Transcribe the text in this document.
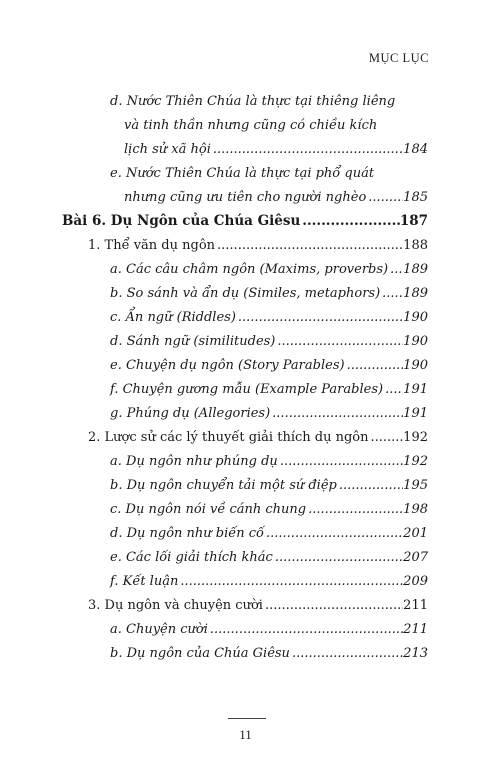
MỤC LỤC
d. Nước Thiên Chúa là thực tại thiêng liêng
và tinh thần nhưng cũng có chiều kích
lịch sử xã hội .....	184
e. Nước Thiên Chúa là thực tại phổ quát
nhưng cũng ưu tiên cho người nghèo .....	185
Bài 6. Dụ Ngôn của Chúa Giêsu .....	187
1. Thể văn dụ ngôn .....	188
a. Các câu châm ngôn (Maxims, proverbs) ..... 189
b. So sánh và ẩn dụ (Similes, metaphors) ..... 189
c. Ẩn ngữ (Riddles) .....	190
d. Sánh ngữ (similitudes) .....	190
e. Chuyện dụ ngôn (Story Parables) .....	190
f. Chuyện gương mẫu (Example Parables) ..... 191
g. Phúng dụ (Allegories) .....	191
2. Lược sử các lý thuyết giải thích dụ ngôn .....	192
a. Dụ ngôn như phúng dụ .....	192
b. Dụ ngôn chuyển tải một sứ điệp .....	195
c. Dụ ngôn nói về cánh chung .....	198
d. Dụ ngôn như biến cố .....	201
e. Các lối giải thích khác .....	207
f. Kết luận .....	209
3. Dụ ngôn và chuyện cười .....	211
a. Chuyện cười .....	211
b. Dụ ngôn của Chúa Giêsu .....	213
11
